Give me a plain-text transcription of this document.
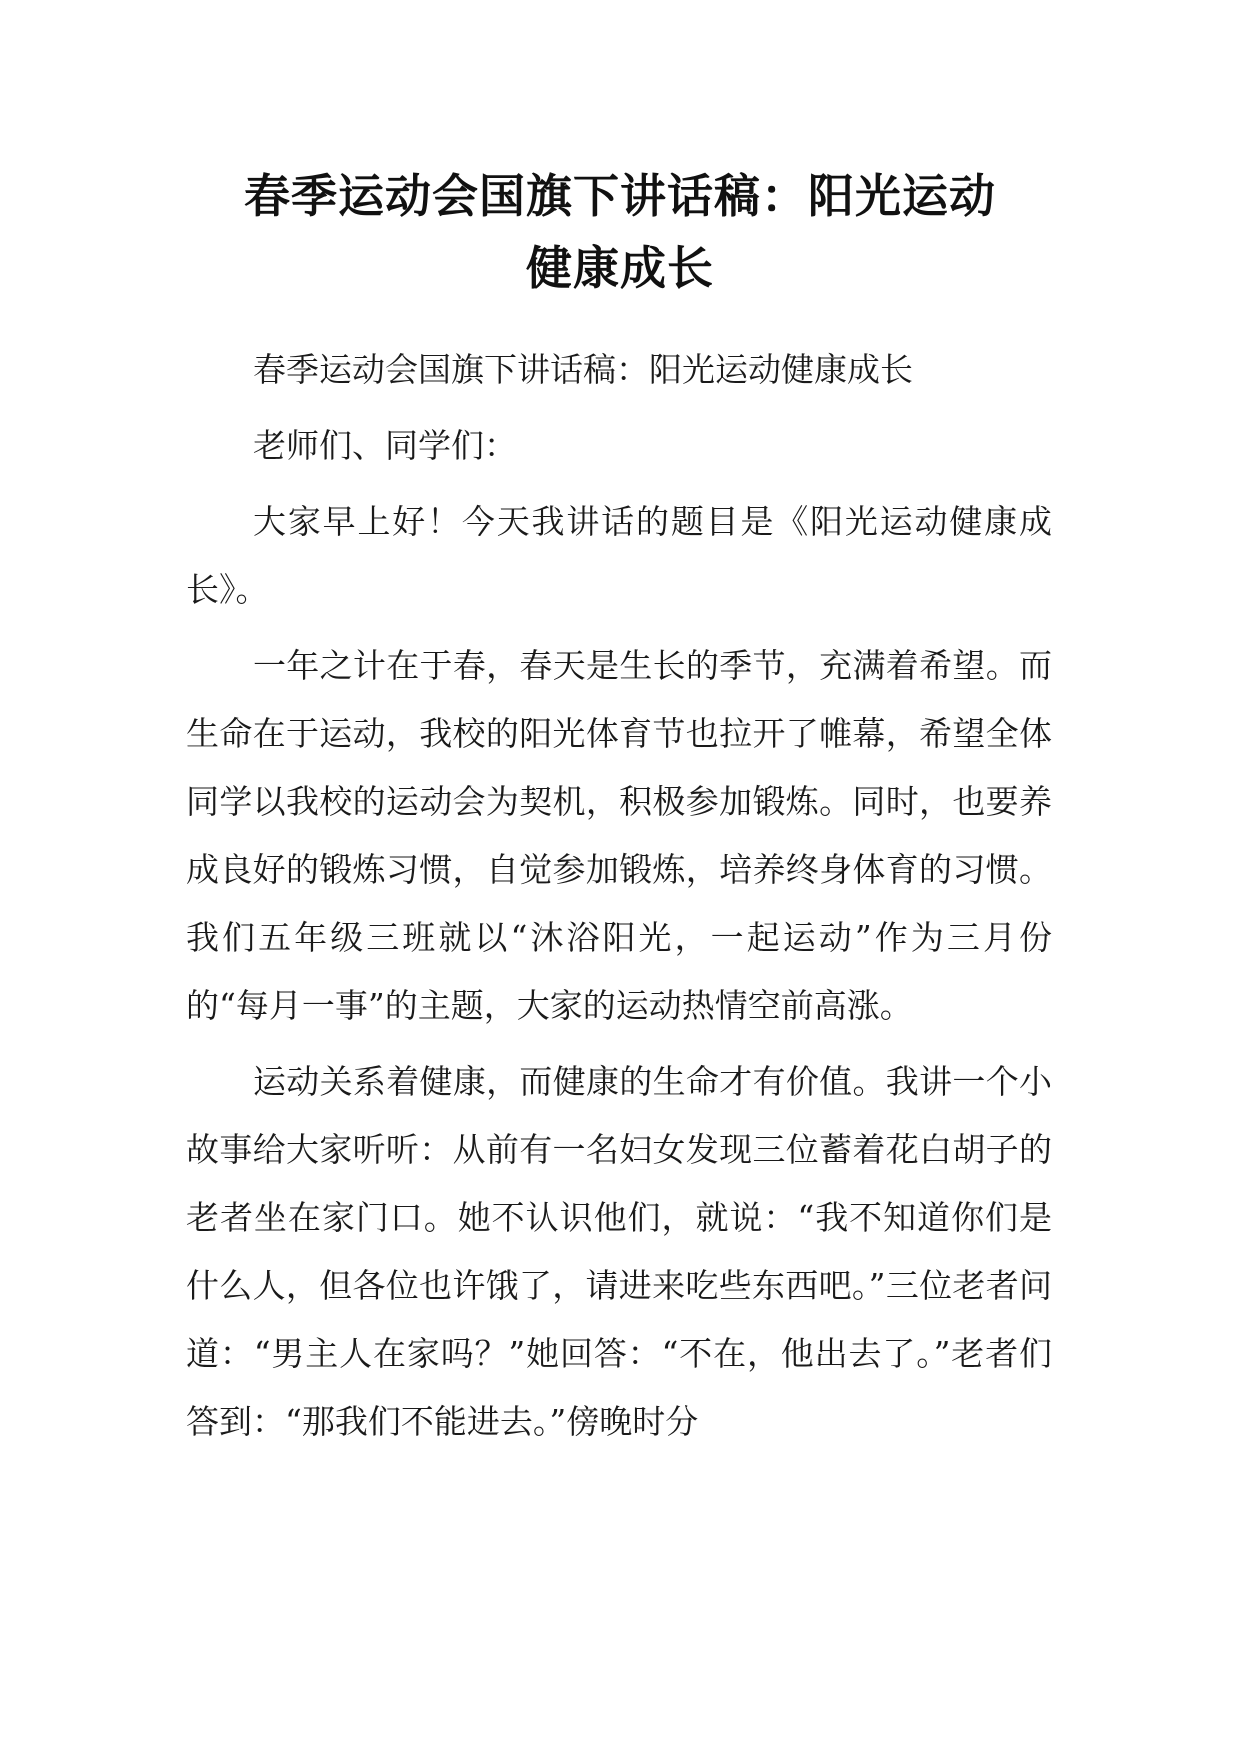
春季运动会国旗下讲话稿：阳光运动
健康成长

春季运动会国旗下讲话稿：阳光运动健康成长

老师们、同学们：

大家早上好！今天我讲话的题目是《阳光运动健康成长》。

一年之计在于春，春天是生长的季节，充满着希望。而生命在于运动，我校的阳光体育节也拉开了帷幕，希望全体同学以我校的运动会为契机，积极参加锻炼。同时，也要养成良好的锻炼习惯，自觉参加锻炼，培养终身体育的习惯。我们五年级三班就以“沐浴阳光，一起运动”作为三月份的“每月一事”的主题，大家的运动热情空前高涨。

运动关系着健康，而健康的生命才有价值。我讲一个小故事给大家听听：从前有一名妇女发现三位蓄着花白胡子的老者坐在家门口。她不认识他们，就说：“我不知道你们是什么人，但各位也许饿了，请进来吃些东西吧。”三位老者问道：“男主人在家吗？”她回答：“不在，他出去了。”老者们答到：“那我们不能进去。”傍晚时分
